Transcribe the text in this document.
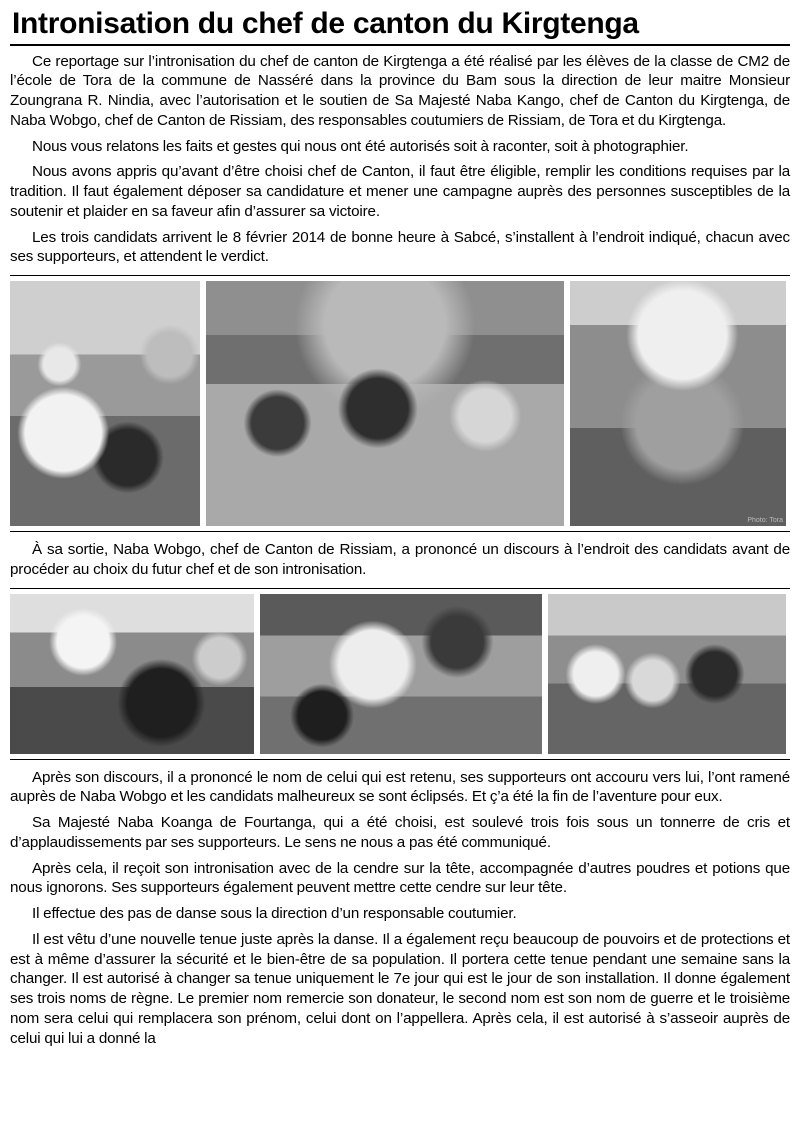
Intronisation du chef de canton du Kirgtenga

Ce reportage sur l’intronisation du chef de canton de Kirgtenga a été réalisé par les élèves de la classe de CM2 de l’école de Tora de la commune de Nasséré dans la province du Bam sous la direction de leur maitre Monsieur Zoungrana R. Nindia, avec l’autorisation et le soutien de Sa Majesté Naba Kango, chef de Canton du Kirgtenga, de Naba Wobgo, chef de Canton de Rissiam, des responsables coutumiers de Rissiam, de Tora et du Kirgtenga.

Nous vous relatons les faits et gestes qui nous ont été autorisés soit à raconter, soit à photographier.

Nous avons appris qu’avant d’être choisi chef de Canton, il faut être éligible, remplir les conditions requises par la tradition. Il faut également déposer sa candidature et mener une campagne auprès des personnes susceptibles de la soutenir et plaider en sa faveur afin d’assurer sa victoire.

Les trois candidats arrivent le 8 février 2014 de bonne heure à Sabcé, s’installent à l’endroit indiqué, chacun avec ses supporteurs, et attendent le verdict.

Photo: Tora

À sa sortie, Naba Wobgo, chef de Canton de Rissiam, a prononcé un discours à l’endroit des candidats avant de procéder au choix du futur chef et de son intronisation.

Après son discours, il a prononcé le nom de celui qui est retenu, ses supporteurs ont accouru vers lui, l’ont ramené auprès de Naba Wobgo et les candidats malheureux se sont éclipsés. Et ç’a été la fin de l’aventure pour eux.

Sa Majesté Naba Koanga de Fourtanga, qui a été choisi, est soulevé trois fois sous un tonnerre de cris et d’applaudissements par ses supporteurs. Le sens ne nous a pas été communiqué.

Après cela, il reçoit son intronisation avec de la cendre sur la tête, accompagnée d’autres poudres et potions que nous ignorons. Ses supporteurs également peuvent mettre cette cendre sur leur tête.

Il effectue des pas de danse sous la direction d’un responsable coutumier.

Il est vêtu d’une nouvelle tenue juste après la danse. Il a également reçu beaucoup de pouvoirs et de protections et est à même d’assurer la sécurité et le bien-être de sa population. Il portera cette tenue pendant une semaine sans la changer. Il est autorisé à changer sa tenue uniquement le 7e jour qui est le jour de son installation. Il donne également ses trois noms de règne. Le premier nom remercie son donateur, le second nom est son nom de guerre et le troisième nom sera celui qui remplacera son prénom, celui dont on l’appellera. Après cela, il est autorisé à s’asseoir auprès de celui qui lui a donné la
